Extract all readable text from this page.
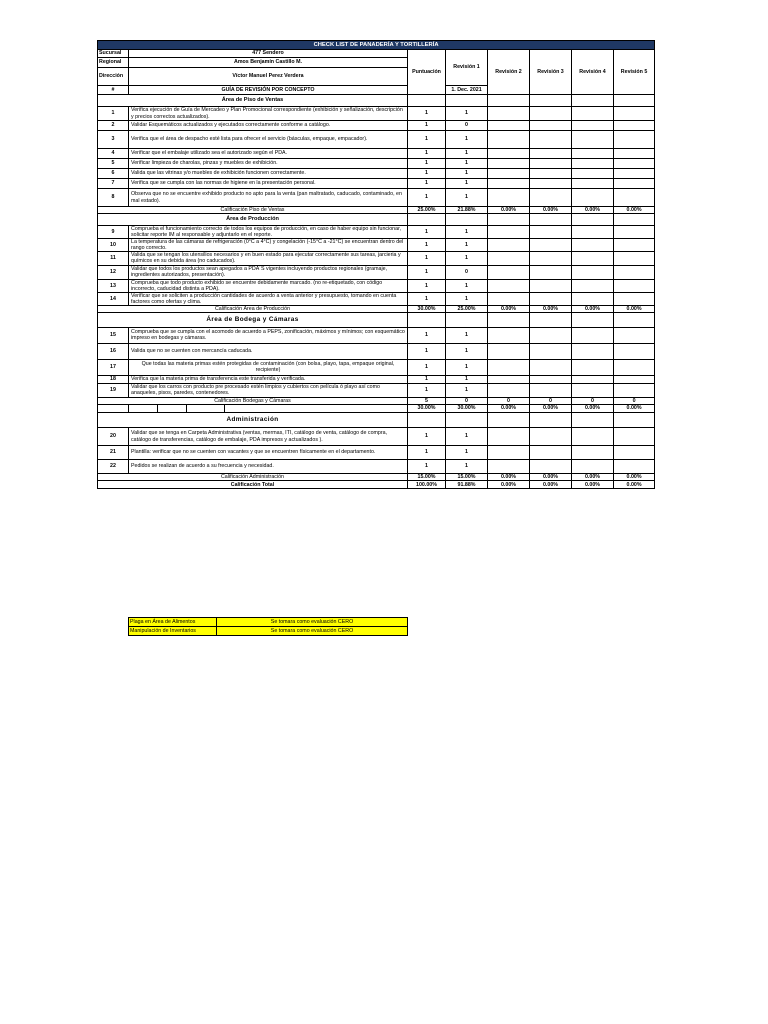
CHECK LIST DE PANADERÍA Y TORTILLERÍA										
Sucursal	477 Sendero				Puntuación	Revisión 1	Revisión 2	Revisión 3	Revisión 4	Revisión 5
Regional	Amos Benjamín Castillo M.									
Dirección	Víctor Manuel Perez Verdera									
#	GUÍA DE REVISIÓN POR CONCEPTO					1. Dec. 2021				
Área de Piso de Ventas										
1	Verifica ejecución de Guía de Mercadeo y Plan Promocional correspondiente (exhibición y señalización, descripción y precios correctos actualizados).				1	1				
2	Validar Esquemáticos actualizados y ejecutados correctamente conforme a catálogo.				1	0				
3	Verifica que el área de despacho esté lista para ofrecer el servicio (básculas, empaque, empacador).				1	1				
4	Verificar que el embalaje utilizado sea el autorizado según el PDA.				1	1				
5	Verificar limpieza de charolas, pinzas y muebles de exhibición.				1	1				
6	Valida que las vitrinas y/o muebles de exhibición funcionen correctamente.				1	1				
7	Verifica que se cumpla con las normas de higiene en la presentación personal.				1	1				
8	Observa que no se encuentre exhibido producto no apto para la venta (pan maltratado, caducado, contaminado, en mal estado).				1	1				
Calificación Piso de Ventas					25.00%	21.88%	0.00%	0.00%	0.00%	0.00%
Área de Producción										
9	Comprueba el funcionamiento correcto de todos los equipos de producción, en caso de haber equipo sin funcionar, solicitar reporte IM al responsable y adjuntarlo en el reporte.				1	1				
10	La temperatura de las cámaras de refrigeración (0°C a 4°C) y congelación (-15°C a -21°C) se encuentran dentro del rango correcto.				1	1				
11	Valida que se tengan los utensilios necesarios y en buen estado para ejecutar correctamente sus tareas, jarcieria y químicos en su debida área (no caducados).				1	1				
12	Validar que todos los productos sean apegados a PDA´S vigentes incluyendo productos regionales (gramaje, ingredientes autorizados, presentación).				1	0				
13	Comprueba que todo producto exhibido se encuentre debidamente marcado. (no re-etiquetado, con código incorrecto, caducidad distinta a PDA).				1	1				
14	Verificar que se soliciten a producción cantidades de acuerdo a venta anterior y presupuesto, tomando en cuenta factores como ofertas y clima.				1	1				
Calificación Área de Producción					30.00%	25.00%	0.00%	0.00%	0.00%	0.00%
Área de Bodega y Cámaras										
15	Comprueba que se cumpla con el acomodo de acuerdo a PEPS, zonificación, máximos y mínimos; con esquemático impreso en bodegas y cámaras.				1	1				
16	Valida que no se cuenten con mercancía caducada.				1	1				
17	Que todas las materia primas estén protegidas de contaminación (con bolsa, playo, tapa, empaque original, recipiente)				1	1				
18	Verifica que la materia prima de transferencia este transferida y verificada.				1	1				
19	Validar que los carros con producto pre procesado estén limpios y cubiertos con película ó playo así como anaqueles, pisos, paredes, contenedores.				1	1				
Calificación Bodegas y Cámaras					5	0	0	0	0	0
					30.00%	30.00%	0.00%	0.00%	0.00%	0.00%
Administración										
20	Validar que se tenga en Carpeta Administrativa (ventas, mermas, ITI, catálogo de venta, catálogo de compra, catálogo de transferencias, catálogo de embalaje, PDA impresos y actualizados ).				1	1				
21	Plantilla: verificar que no se cuenten con vacantes y que se encuentren físicamente en el departamento.				1	1				
22	Pedidos se realizan de acuerdo a su frecuencia y necesidad.				1	1				
Calificación Administración					15.00%	15.00%	0.00%	0.00%	0.00%	0.00%
Calificación Total					100.00%	91.88%	0.00%	0.00%	0.00%	0.00%
Plaga en Área de Alimentos	Se tomara como evaluación CERO
Manipulación de Inventarios	Se tomara como evaluación CERO
